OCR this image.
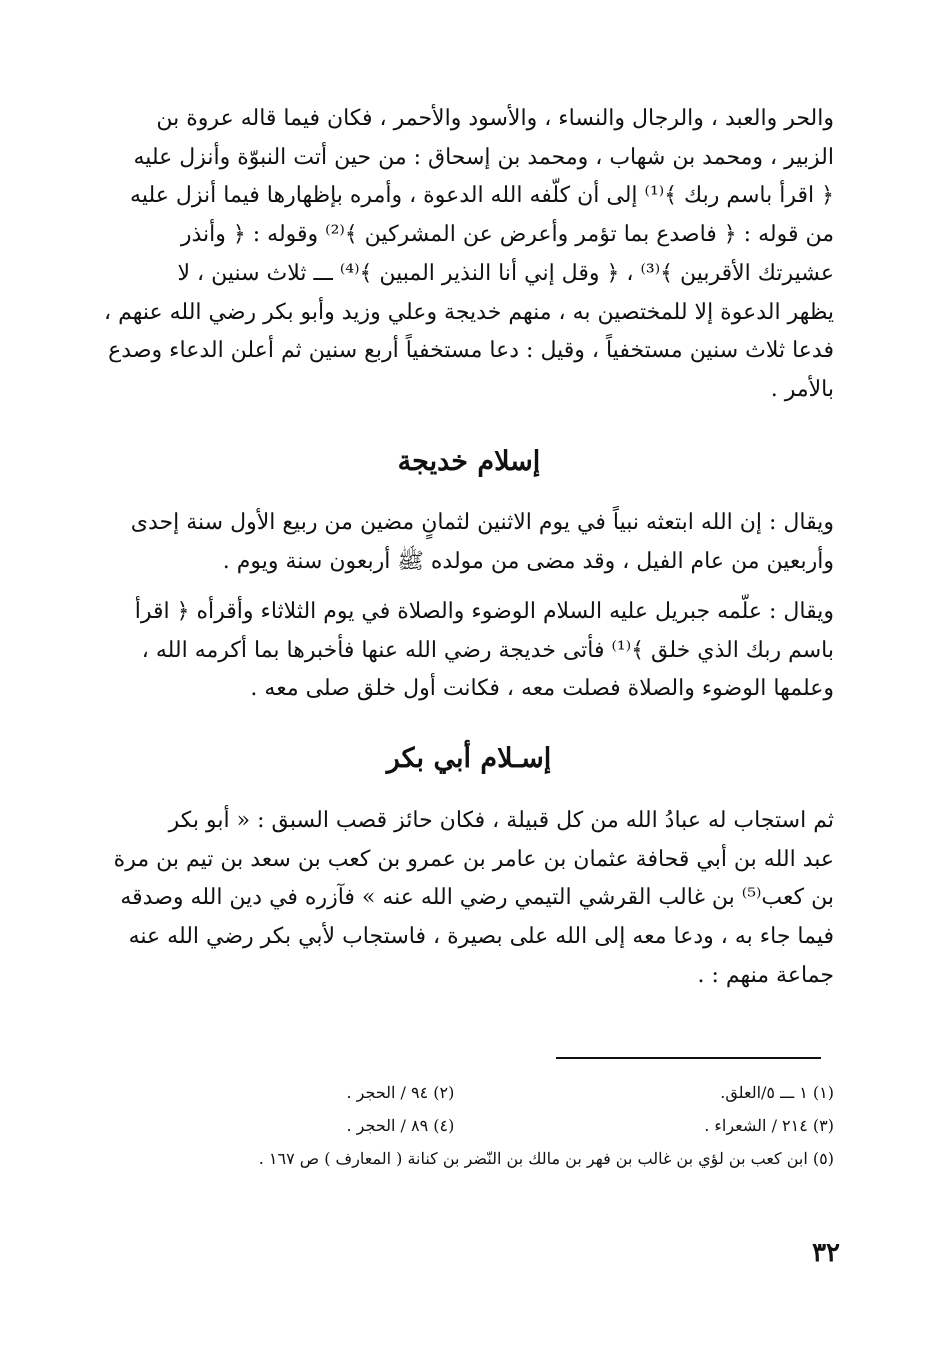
والحر والعبد ، والرجال والنساء ، والأسود والأحمر ، فكان فيما قاله عروة بن
الزبير ، ومحمد بن شهاب ، ومحمد بن إسحاق : من حين أتت النبوّة وأنزل عليه
﴿ اقرأ باسم ربك ﴾⁽¹⁾ إلى أن كلّفه الله الدعوة ، وأمره بإظهارها فيما أنزل عليه
من قوله : ﴿ فاصدع بما تؤمر وأعرض عن المشركين ﴾⁽²⁾ وقوله : ﴿ وأنذر
عشيرتك الأقربين ﴾⁽³⁾ ، ﴿ وقل إني أنا النذير المبين ﴾⁽⁴⁾ ـــ ثلاث سنين ، لا
يظهر الدعوة إلا للمختصين به ، منهم خديجة وعلي وزيد وأبو بكر رضي الله عنهم ،
فدعا ثلاث سنين مستخفياً ، وقيل : دعا مستخفياً أربع سنين ثم أعلن الدعاء وصدع
بالأمر .
إسلام خديجة
ويقال : إن الله ابتعثه نبياً في يوم الاثنين لثمانٍ مضين من ربيع الأول سنة إحدى
وأربعين من عام الفيل ، وقد مضى من مولده ﷺ أربعون سنة ويوم .
ويقال : علّمه جبريل عليه السلام الوضوء والصلاة في يوم الثلاثاء وأقرأه ﴿ اقرأ
باسم ربك الذي خلق ﴾⁽¹⁾ فأتى خديجة رضي الله عنها فأخبرها بما أكرمه الله ،
وعلمها الوضوء والصلاة فصلت معه ، فكانت أول خلق صلى معه .
إسـلام أبي بكر
ثم استجاب له عبادُ الله من كل قبيلة ، فكان حائز قصب السبق : « أبو بكر
عبد الله بن أبي قحافة عثمان بن عامر بن عمرو بن كعب بن سعد بن تيم بن مرة
بن كعب⁽⁵⁾ بن غالب القرشي التيمي رضي الله عنه » فآزره في دين الله وصدقه
فيما جاء به ، ودعا معه إلى الله على بصيرة ، فاستجاب لأبي بكر رضي الله عنه
جماعة منهم : .
(١) ١ ـــ ٥/العلق.
(٢) ٩٤ / الحجر .
(٣) ٢١٤ / الشعراء .
(٤) ٨٩ / الحجر .
(٥) ابن كعب بن لؤي بن غالب بن فهر بن مالك بن النّضر بن كنانة ( المعارف ) ص ١٦٧ .
٣٢
